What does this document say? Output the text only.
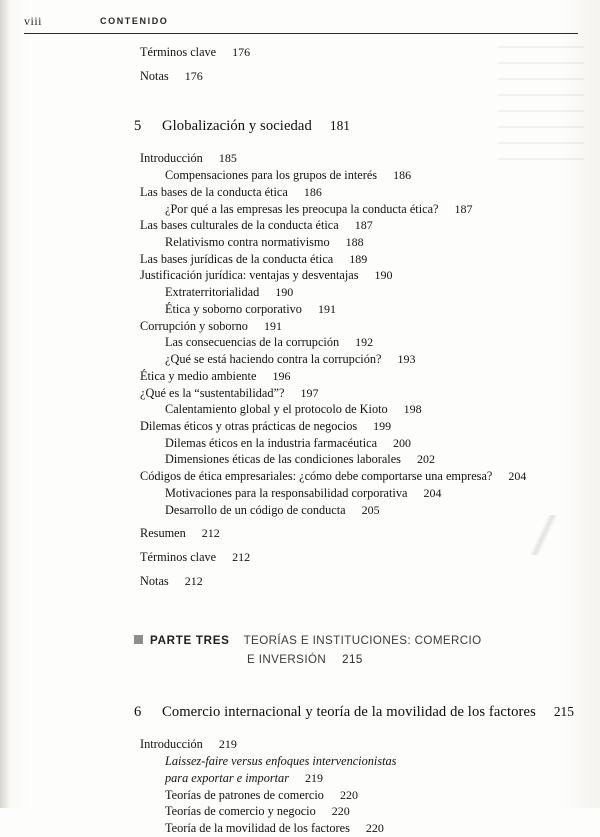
viii	CONTENIDO
Términos clave 176
Notas 176
5 Globalización y sociedad 181
Introducción 185
Compensaciones para los grupos de interés 186
Las bases de la conducta ética 186
¿Por qué a las empresas les preocupa la conducta ética? 187
Las bases culturales de la conducta ética 187
Relativismo contra normativismo 188
Las bases jurídicas de la conducta ética 189
Justificación jurídica: ventajas y desventajas 190
Extraterritorialidad 190
Ética y soborno corporativo 191
Corrupción y soborno 191
Las consecuencias de la corrupción 192
¿Qué se está haciendo contra la corrupción? 193
Ética y medio ambiente 196
¿Qué es la “sustentabilidad”? 197
Calentamiento global y el protocolo de Kioto 198
Dilemas éticos y otras prácticas de negocios 199
Dilemas éticos en la industria farmacéutica 200
Dimensiones éticas de las condiciones laborales 202
Códigos de ética empresariales: ¿cómo debe comportarse una empresa? 204
Motivaciones para la responsabilidad corporativa 204
Desarrollo de un código de conducta 205
Resumen 212
Términos clave 212
Notas 212
PARTE TRES TEORÍAS E INSTITUCIONES: COMERCIO
E INVERSIÓN 215
6 Comercio internacional y teoría de la movilidad de los factores 215
Introducción 219
Laissez-faire versus enfoques intervencionistas
para exportar e importar 219
Teorías de patrones de comercio 220
Teorías de comercio y negocio 220
Teoría de la movilidad de los factores 220
